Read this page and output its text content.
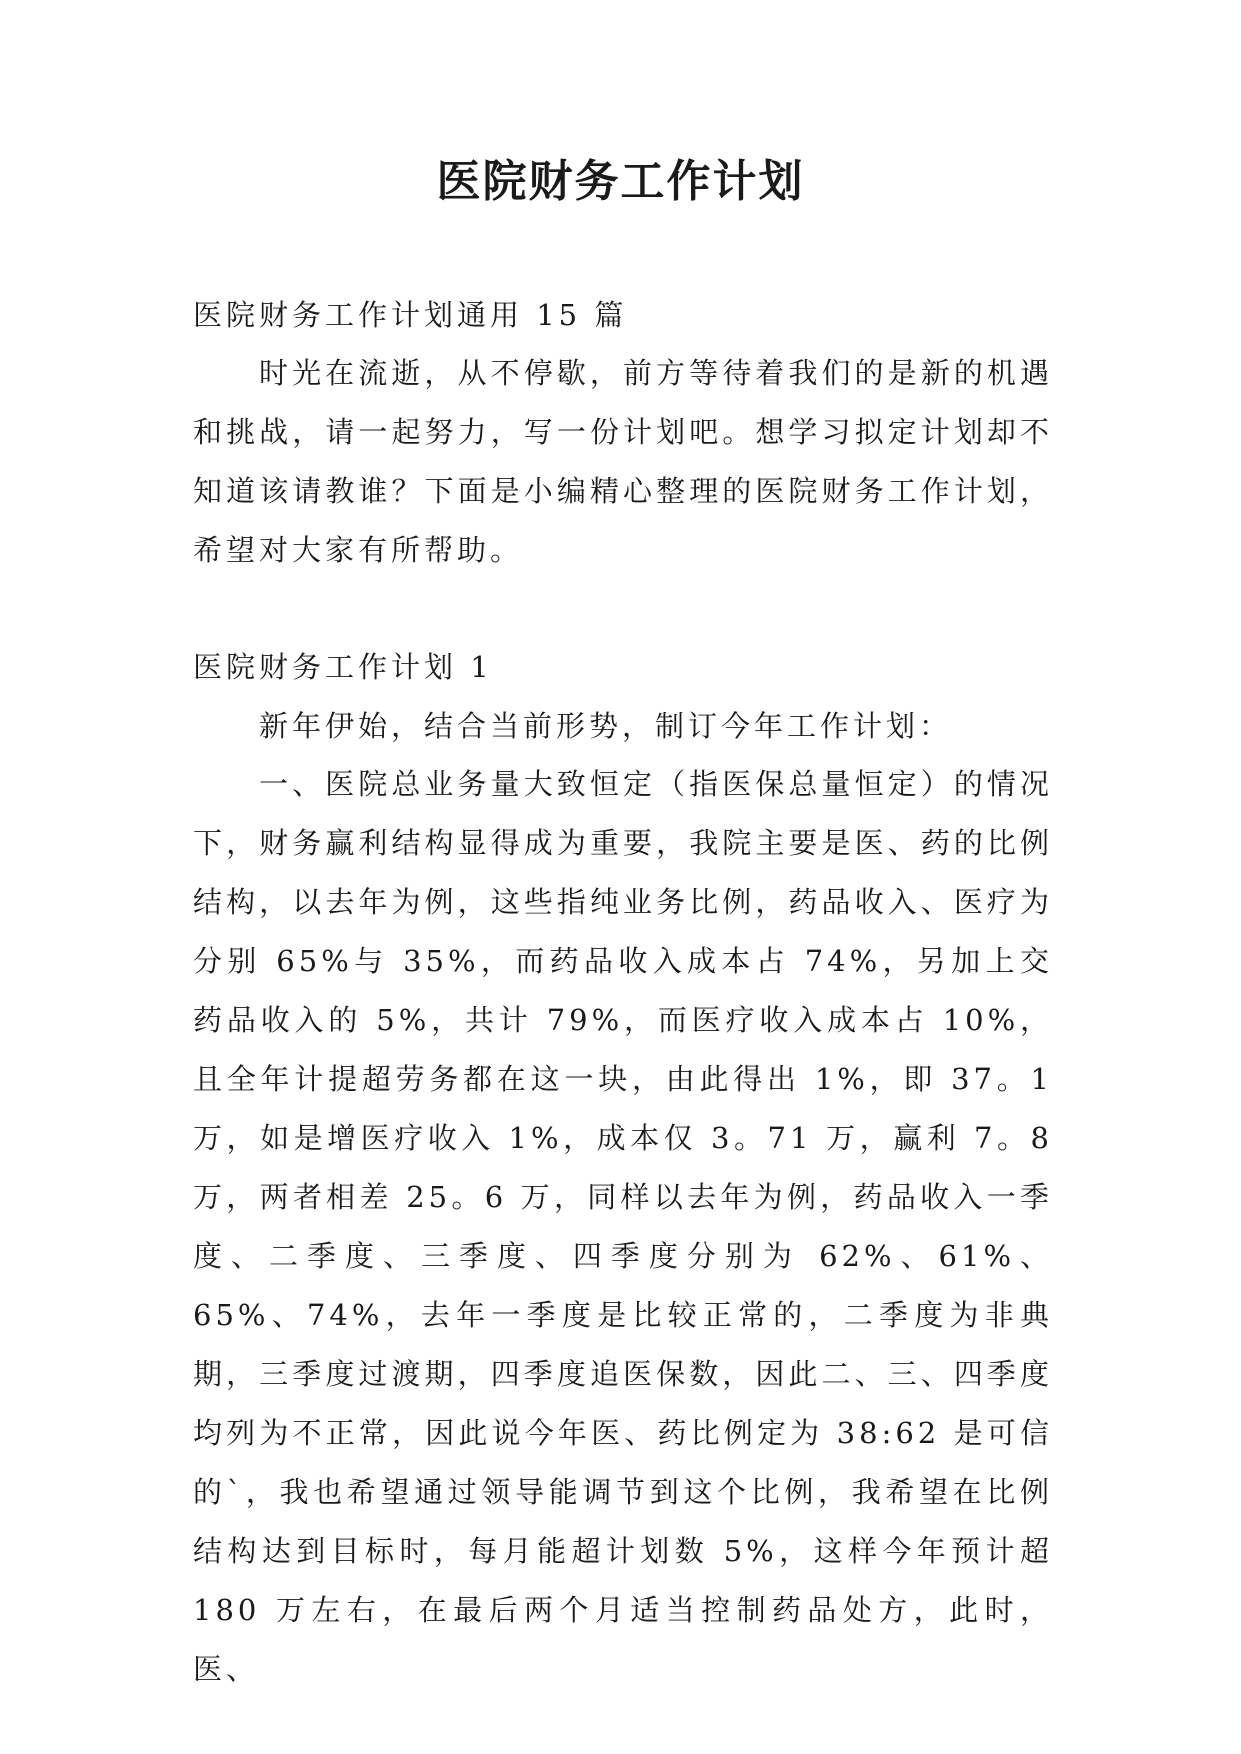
医院财务工作计划

医院财务工作计划通用 15 篇

时光在流逝，从不停歇，前方等待着我们的是新的机遇和挑战，请一起努力，写一份计划吧。想学习拟定计划却不知道该请教谁？下面是小编精心整理的医院财务工作计划，希望对大家有所帮助。

医院财务工作计划 1

新年伊始，结合当前形势，制订今年工作计划：

一、医院总业务量大致恒定（指医保总量恒定）的情况下，财务赢利结构显得成为重要，我院主要是医、药的比例结构，以去年为例，这些指纯业务比例，药品收入、医疗为分别 65%与 35%，而药品收入成本占 74%，另加上交药品收入的 5%，共计 79%，而医疗收入成本占 10%，且全年计提超劳务都在这一块，由此得出 1%，即 37。1 万，如是增医疗收入 1%，成本仅 3。71 万，赢利 7。8 万，两者相差 25。6 万，同样以去年为例，药品收入一季度、二季度、三季度、四季度分别为 62%、61%、65%、74%，去年一季度是比较正常的，二季度为非典期，三季度过渡期，四季度追医保数，因此二、三、四季度均列为不正常，因此说今年医、药比例定为 38:62 是可信的`，我也希望通过领导能调节到这个比例，我希望在比例结构达到目标时，每月能超计划数 5%，这样今年预计超 180 万左右，在最后两个月适当控制药品处方，此时，医、
